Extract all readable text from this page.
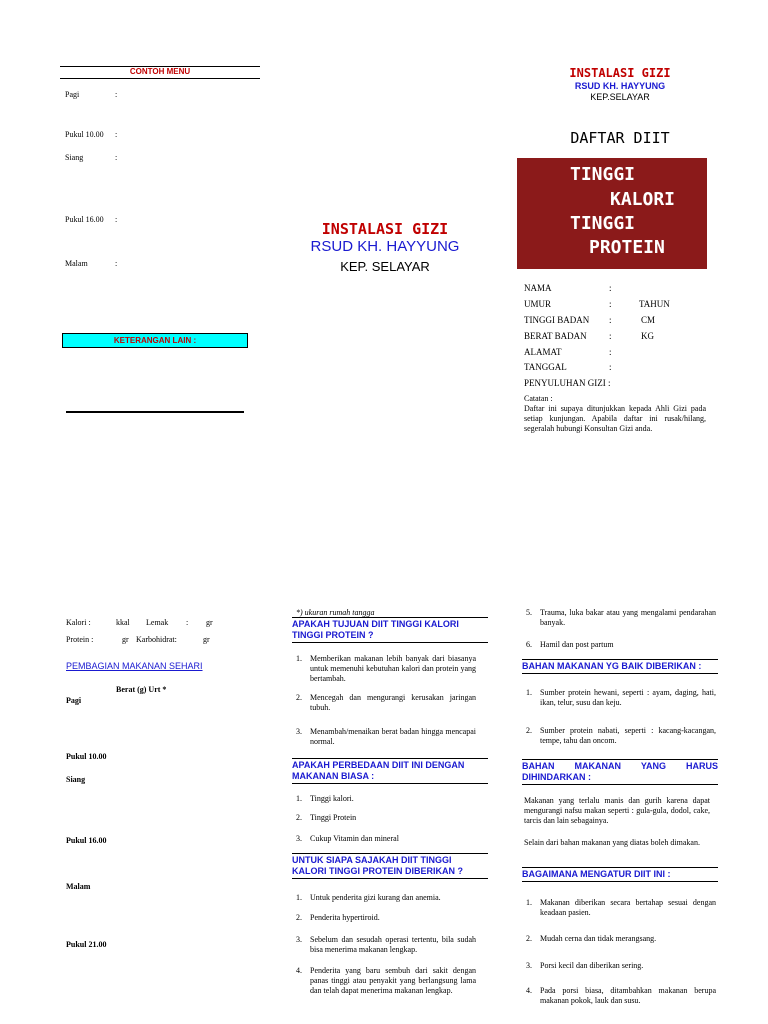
CONTOH MENU
Pagi	:
Pukul 10.00 :
Siang	:
Pukul 16.00 :
Malam	:
KETERANGAN LAIN :
INSTALASI GIZI
RSUD KH. HAYYUNG
KEP. SELAYAR
INSTALASI GIZI
RSUD KH. HAYYUNG
KEP.SELAYAR
DAFTAR DIIT
TINGGI
KALORI
TINGGI
PROTEIN
NAMA	:
UMUR	:	TAHUN
TINGGI BADAN :	CM
BERAT BADAN :	KG
ALAMAT	:
TANGGAL	:
PENYULUHAN GIZI :
Catatan :
Daftar ini supaya ditunjukkan kepada Ahli Gizi pada setiap kunjungan. Apabila daftar ini rusak/hilang, segeralah hubungi Konsultan Gizi anda.
Kalori :	kkal Lemak : gr
Protein :	gr Karbohidrat:	gr
PEMBAGIAN MAKANAN SEHARI
Berat (g) Urt *
Pagi
Pukul 10.00
Siang
Pukul 16.00
Malam
Pukul 21.00
*) ukuran rumah tangga
APAKAH TUJUAN DIIT TINGGI KALORI TINGGI PROTEIN ?
1. Memberikan makanan lebih banyak dari biasanya untuk memenuhi kebutuhan kalori dan protein yang bertambah.
2. Mencegah dan mengurangi kerusakan jaringan tubuh.
3. Menambah/menaikan berat badan hingga mencapai normal.
APAKAH PERBEDAAN DIIT INI DENGAN MAKANAN BIASA :
1. Tinggi kalori.
2. Tinggi Protein
3. Cukup Vitamin dan mineral
UNTUK SIAPA SAJAKAH DIIT TINGGI KALORI TINGGI PROTEIN DIBERIKAN ?
1. Untuk penderita gizi kurang dan anemia.
2. Penderita hypertiroid.
3. Sebelum dan sesudah operasi tertentu, bila sudah bisa menerima makanan lengkap.
4. Penderita yang baru sembuh dari sakit dengan panas tinggi atau penyakit yang berlangsung lama dan telah dapat menerima makanan lengkap.
5. Trauma, luka bakar atau yang mengalami pendarahan banyak.
6. Hamil dan post partum
BAHAN MAKANAN YG BAIK DIBERIKAN :
1. Sumber protein hewani, seperti : ayam, daging, hati, ikan, telur, susu dan keju.
2. Sumber protein nabati, seperti : kacang-kacangan, tempe, tahu dan oncom.
BAHAN MAKANAN YANG HARUS DIHINDARKAN :
Makanan yang terlalu manis dan gurih karena dapat mengurangi nafsu makan seperti : gula-gula, dodol, cake, tarcis dan lain sebagainya.
Selain dari bahan makanan yang diatas boleh dimakan.
BAGAIMANA MENGATUR DIIT INI :
1. Makanan diberikan secara bertahap sesuai dengan keadaan pasien.
2. Mudah cerna dan tidak merangsang.
3. Porsi kecil dan diberikan sering.
4. Pada porsi biasa, ditambahkan makanan berupa makanan pokok, lauk dan susu.
